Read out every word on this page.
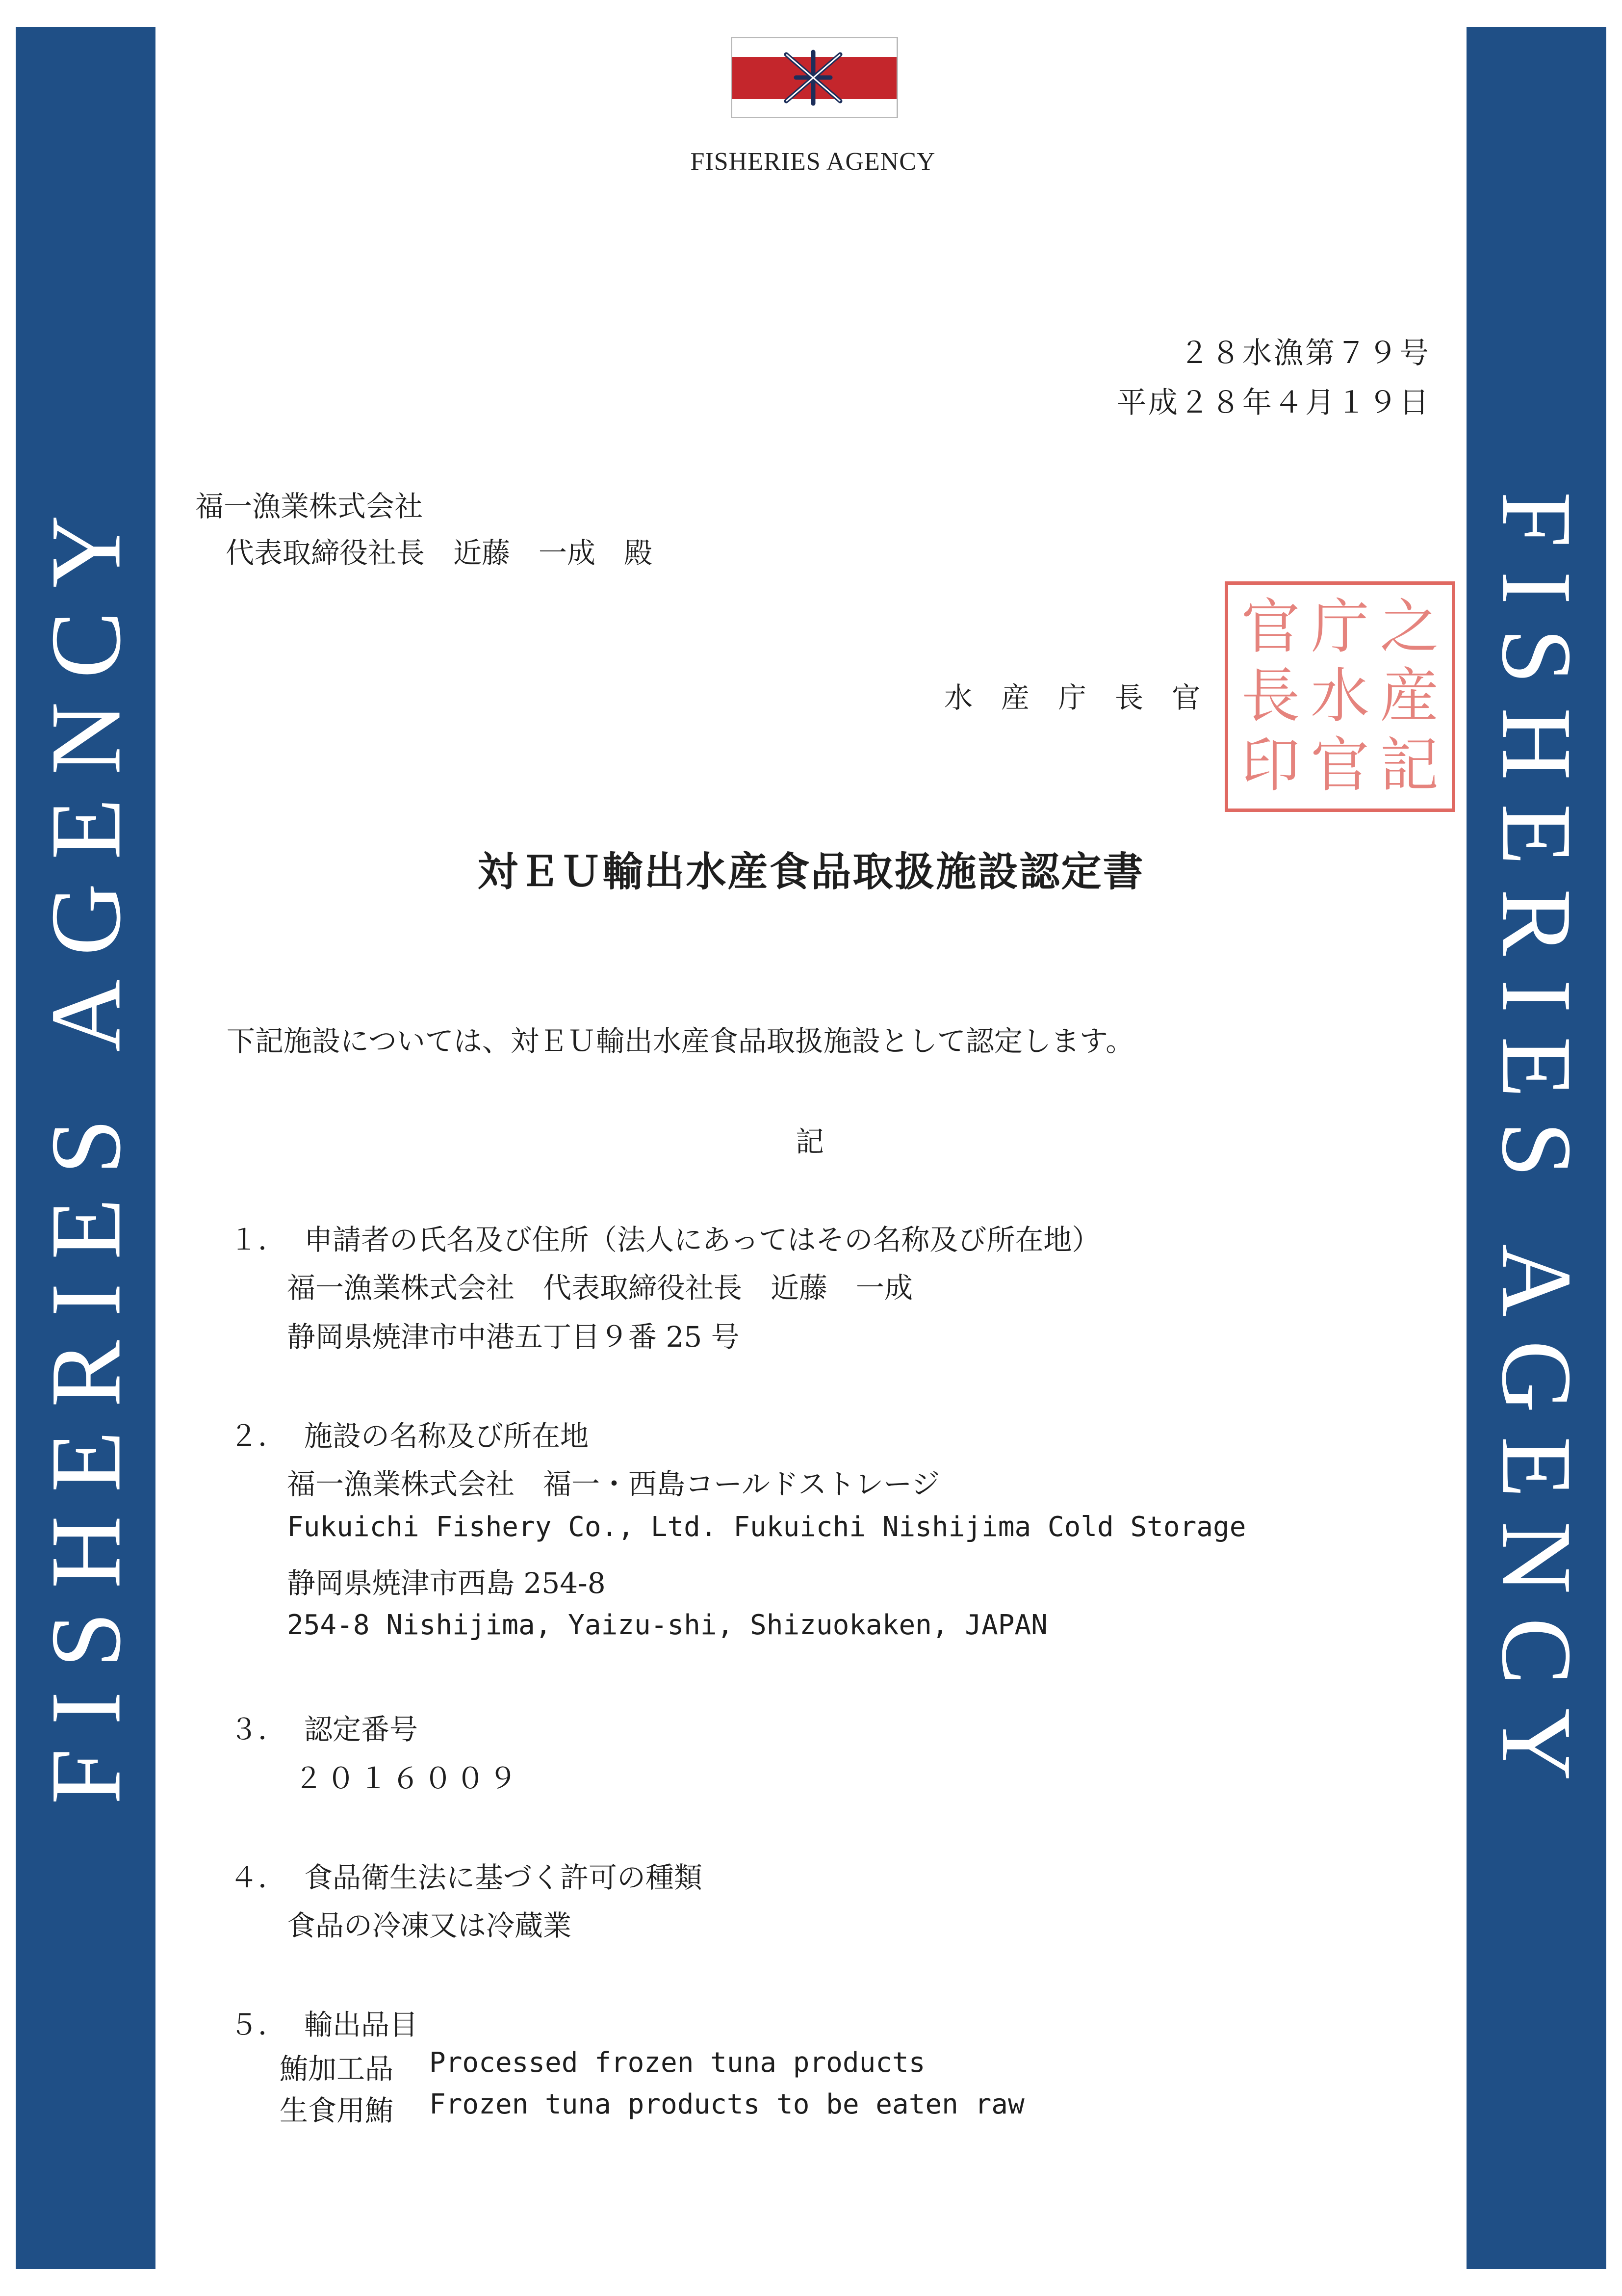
FISHERIES AGENCY	FISHERIES AGENCY
FISHERIES AGENCY
２８水漁第７９号
平成２８年４月１９日
福一漁業株式会社
代表取締役社長　近藤　一成　殿
官 庁 之
長 水 産
印 官 記
水　産　庁　長　官
対ＥＵ輸出水産食品取扱施設認定書
下記施設については、対ＥＵ輸出水産食品取扱施設として認定します。
記
１． 申請者の氏名及び住所（法人にあってはその名称及び所在地）
福一漁業株式会社　代表取締役社長　近藤　一成
静岡県焼津市中港五丁目９番 25 号
２． 施設の名称及び所在地
福一漁業株式会社　福一・西島コールドストレージ
Fukuichi Fishery Co., Ltd. Fukuichi Nishijima Cold Storage
静岡県焼津市西島 254-8
254-8 Nishijima, Yaizu-shi, Shizuokaken, JAPAN
３． 認定番号
２０１６００９
４． 食品衛生法に基づく許可の種類
食品の冷凍又は冷蔵業
５． 輸出品目
鮪加工品 Processed frozen tuna products
生食用鮪 Frozen tuna products to be eaten raw
